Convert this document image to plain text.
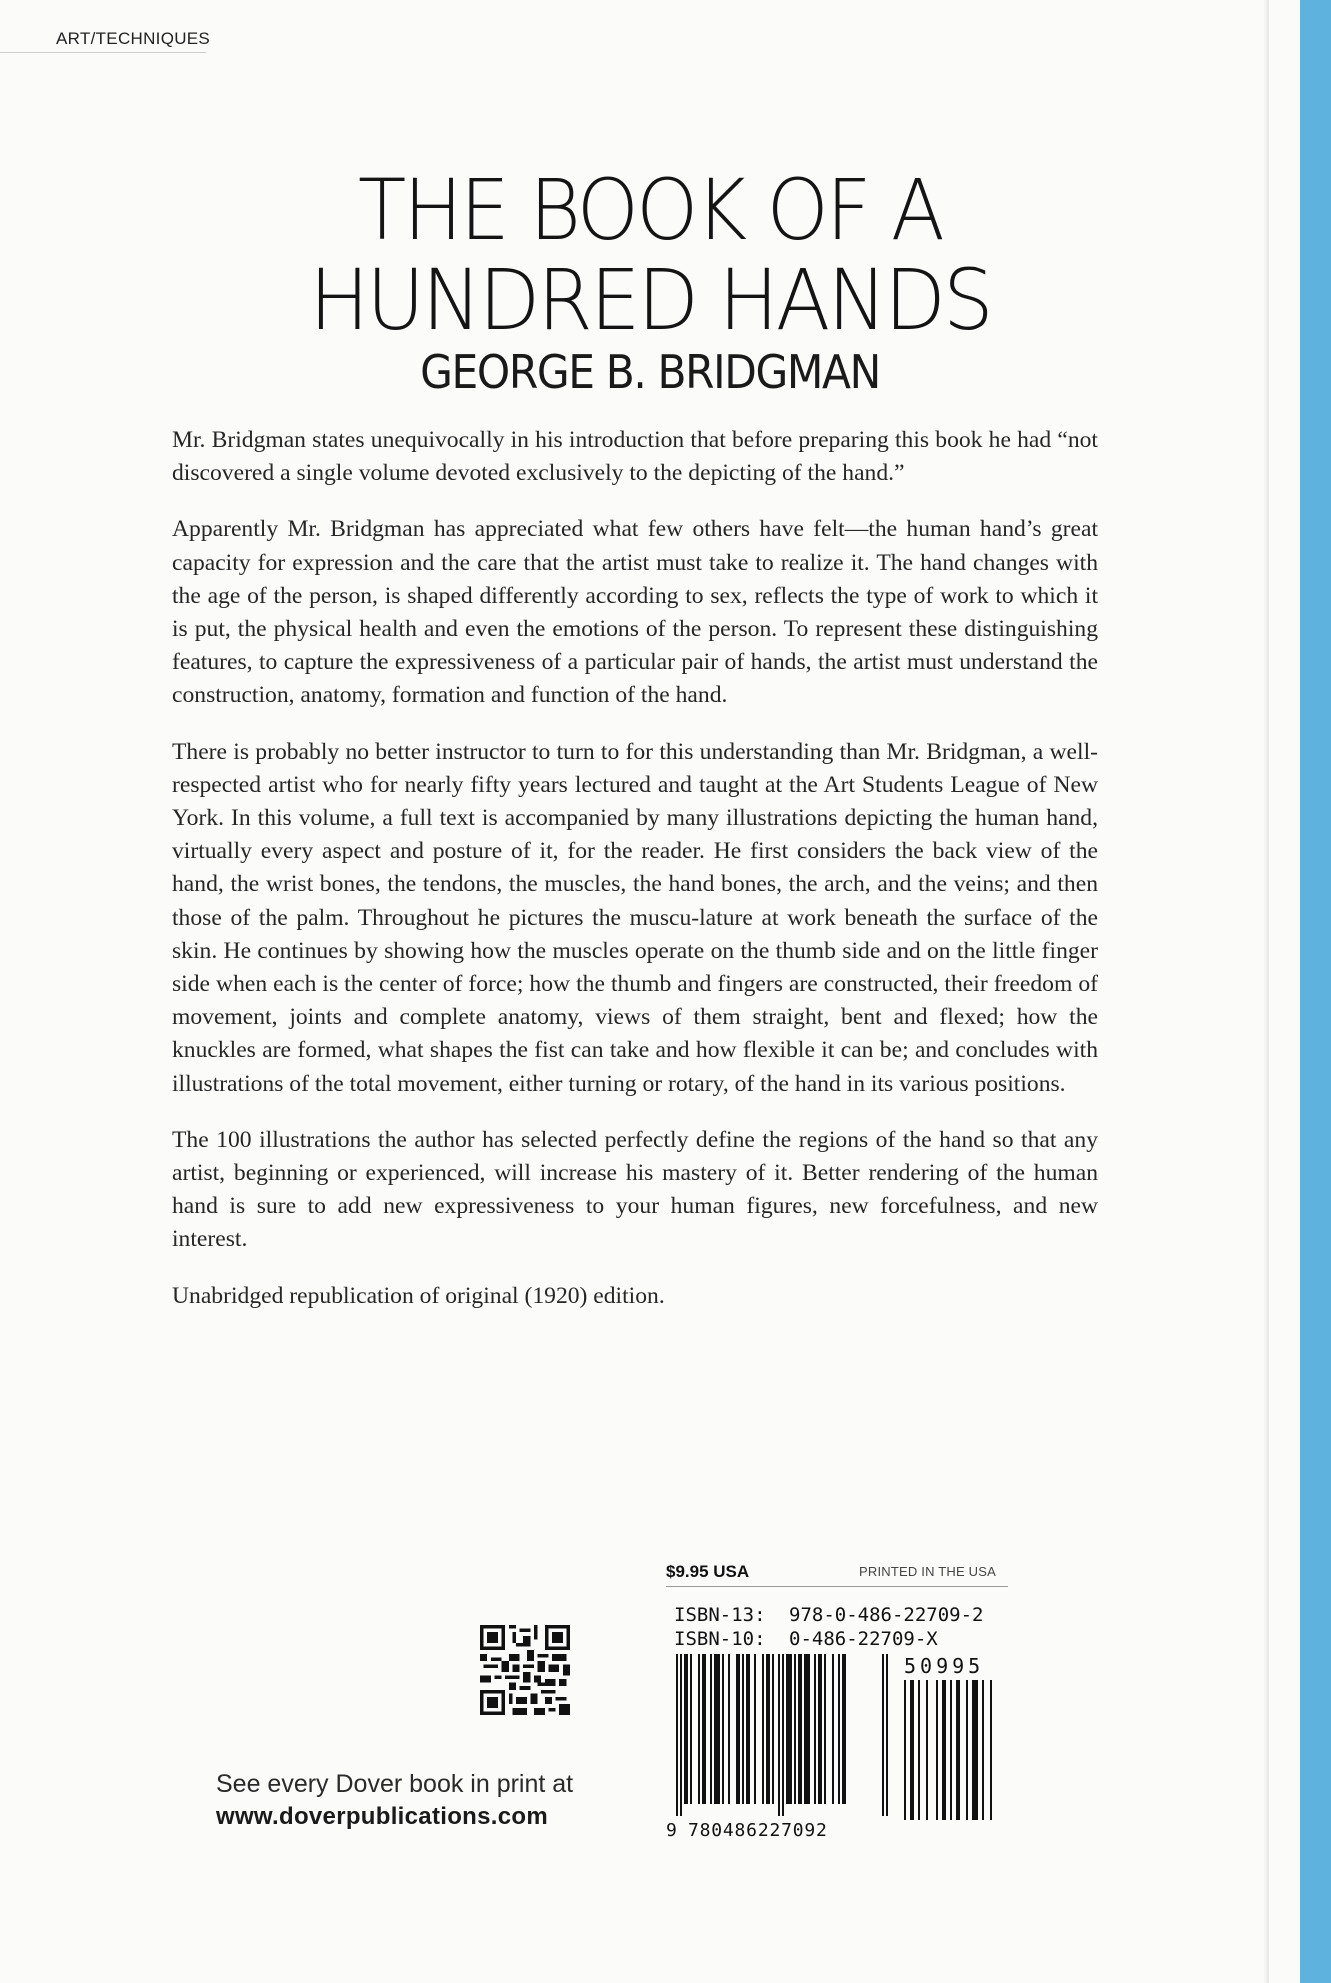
ART/TECHNIQUES
THE BOOK OF A
HUNDRED HANDS
GEORGE B. BRIDGMAN

Mr. Bridgman states unequivocally in his introduction that before preparing this book he had “not discovered a single volume devoted exclusively to the depicting of the hand.”

Apparently Mr. Bridgman has appreciated what few others have felt—the human hand’s great capacity for expression and the care that the artist must take to realize it. The hand changes with the age of the person, is shaped differently according to sex, reflects the type of work to which it is put, the physical health and even the emotions of the person. To represent these distinguishing features, to capture the expressiveness of a particular pair of hands, the artist must understand the construction, anatomy, formation and function of the hand.

There is probably no better instructor to turn to for this understanding than Mr. Bridgman, a well-respected artist who for nearly fifty years lectured and taught at the Art Students League of New York. In this volume, a full text is accompanied by many illustrations depicting the human hand, virtually every aspect and posture of it, for the reader. He first considers the back view of the hand, the wrist bones, the tendons, the muscles, the hand bones, the arch, and the veins; and then those of the palm. Throughout he pictures the muscu-lature at work beneath the surface of the skin. He continues by showing how the muscles operate on the thumb side and on the little finger side when each is the center of force; how the thumb and fingers are constructed, their freedom of movement, joints and complete anatomy, views of them straight, bent and flexed; how the knuckles are formed, what shapes the fist can take and how flexible it can be; and concludes with illustrations of the total movement, either turning or rotary, of the hand in its various positions.

The 100 illustrations the author has selected perfectly define the regions of the hand so that any artist, beginning or experienced, will increase his mastery of it. Better rendering of the human hand is sure to add new expressiveness to your human figures, new forcefulness, and new interest.

Unabridged republication of original (1920) edition.

See every Dover book in print at
www.doverpublications.com
$9.95 USA	PRINTED IN THE USA
ISBN-13: 978-0-486-22709-2
ISBN-10: 0-486-22709-X
50995
9 780486227092
